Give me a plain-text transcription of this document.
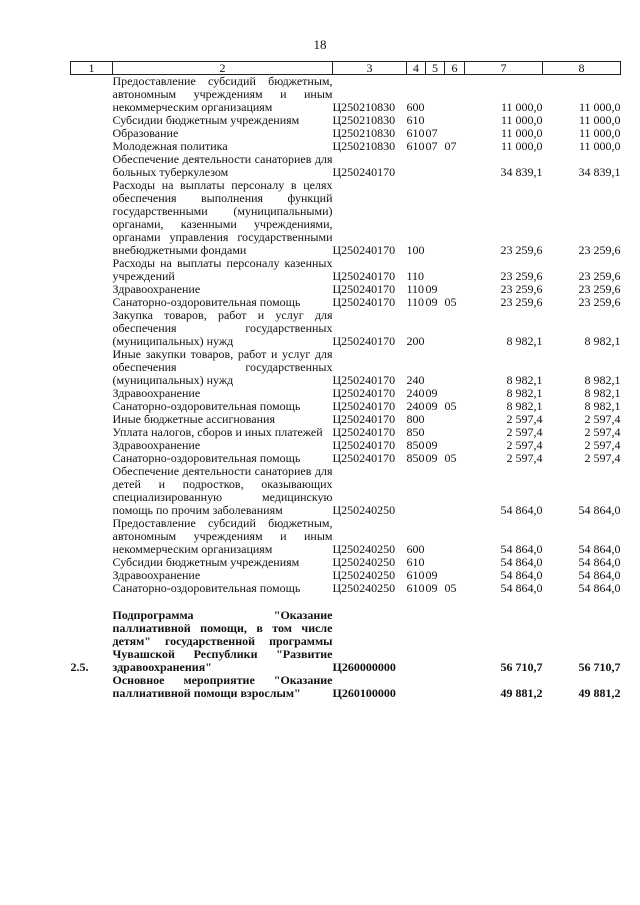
18
1	2	3	4	5	6	7	8
	Предоставление субсидий бюджетным, автономным учреждениям и иным некоммерческим организациям	Ц250210830	600			11 000,0	11 000,0
	Субсидии бюджетным учреждениям	Ц250210830	610			11 000,0	11 000,0
	Образование	Ц250210830	610	07		11 000,0	11 000,0
	Молодежная политика	Ц250210830	610	07	07	11 000,0	11 000,0
	Обеспечение деятельности санаториев для больных туберкулезом	Ц250240170				34 839,1	34 839,1
	Расходы на выплаты персоналу в целях обеспечения выполнения функций государственными (муниципальными) органами, казенными учреждениями, органами управления государственными внебюджетными фондами	Ц250240170	100			23 259,6	23 259,6
	Расходы на выплаты персоналу казенных учреждений	Ц250240170	110			23 259,6	23 259,6
	Здравоохранение	Ц250240170	110	09		23 259,6	23 259,6
	Санаторно-оздоровительная помощь	Ц250240170	110	09	05	23 259,6	23 259,6
	Закупка товаров, работ и услуг для обеспечения государственных (муниципальных) нужд	Ц250240170	200			8 982,1	8 982,1
	Иные закупки товаров, работ и услуг для обеспечения государственных (муниципальных) нужд	Ц250240170	240			8 982,1	8 982,1
	Здравоохранение	Ц250240170	240	09		8 982,1	8 982,1
	Санаторно-оздоровительная помощь	Ц250240170	240	09	05	8 982,1	8 982,1
	Иные бюджетные ассигнования	Ц250240170	800			2 597,4	2 597,4
	Уплата налогов, сборов и иных платежей	Ц250240170	850			2 597,4	2 597,4
	Здравоохранение	Ц250240170	850	09		2 597,4	2 597,4
	Санаторно-оздоровительная помощь	Ц250240170	850	09	05	2 597,4	2 597,4
	Обеспечение деятельности санаториев для детей и подростков, оказывающих специализированную медицинскую помощь по прочим заболеваниям	Ц250240250				54 864,0	54 864,0
	Предоставление субсидий бюджетным, автономным учреждениям и иным некоммерческим организациям	Ц250240250	600			54 864,0	54 864,0
	Субсидии бюджетным учреждениям	Ц250240250	610			54 864,0	54 864,0
	Здравоохранение	Ц250240250	610	09		54 864,0	54 864,0
	Санаторно-оздоровительная помощь	Ц250240250	610	09	05	54 864,0	54 864,0

2.5.	Подпрограмма "Оказание паллиативной помощи, в том числе детям" государственной программы Чувашской Республики "Развитие здравоохранения"	Ц260000000				56 710,7	56 710,7
	Основное мероприятие "Оказание паллиативной помощи взрослым"	Ц260100000				49 881,2	49 881,2
